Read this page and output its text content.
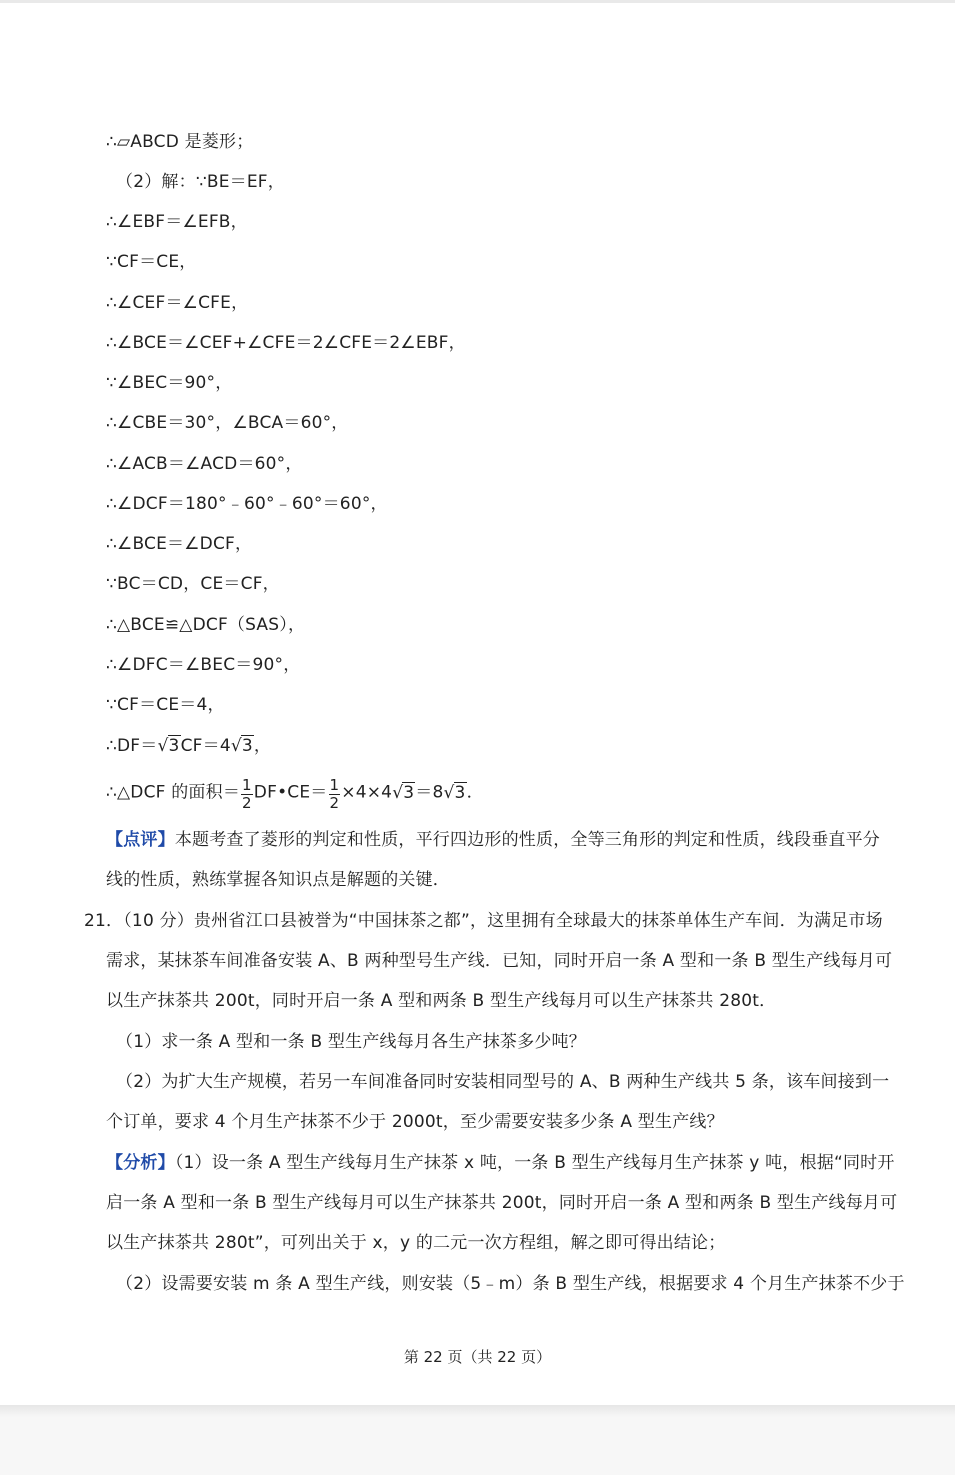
∴▱ABCD 是菱形；
（2）解：∵BE＝EF，
∴∠EBF＝∠EFB，
∵CF＝CE，
∴∠CEF＝∠CFE，
∴∠BCE＝∠CEF+∠CFE＝2∠CFE＝2∠EBF，
∵∠BEC＝90°，
∴∠CBE＝30°，∠BCA＝60°，
∴∠ACB＝∠ACD＝60°，
∴∠DCF＝180°﹣60°﹣60°＝60°，
∴∠BCE＝∠DCF，
∵BC＝CD，CE＝CF，
∴△BCE≌△DCF（SAS），
∴∠DFC＝∠BEC＝90°，
∵CF＝CE＝4，
∴DF＝√3CF＝4√3，
∴△DCF 的面积＝ $\frac{1}{2}$ DF•CE＝ $\frac{1}{2} \times 4\times 4√3=8√3$．
【点评】本题考查了菱形的判定和性质，平行四边形的性质，全等三角形的判定和性质，线段垂直平分
线的性质，熟练掌握各知识点是解题的关键．
21．（10 分）贵州省江口县被誉为“中国抹茶之都”，这里拥有全球最大的抹茶单体生产车间．为满足市场
需求，某抹茶车间准备安装 A、B 两种型号生产线．已知，同时开启一条 A 型和一条 B 型生产线每月可
以生产抹茶共 200t，同时开启一条 A 型和两条 B 型生产线每月可以生产抹茶共 280t．
（1）求一条 A 型和一条 B 型生产线每月各生产抹茶多少吨？
（2）为扩大生产规模，若另一车间准备同时安装相同型号的 A、B 两种生产线共 5 条，该车间接到一
个订单，要求 4 个月生产抹茶不少于 2000t，至少需要安装多少条 A 型生产线？
【分析】（1）设一条 A 型生产线每月生产抹茶 x 吨，一条 B 型生产线每月生产抹茶 y 吨，根据“同时开
启一条 A 型和一条 B 型生产线每月可以生产抹茶共 200t，同时开启一条 A 型和两条 B 型生产线每月可
以生产抹茶共 280t”，可列出关于 x，y 的二元一次方程组，解之即可得出结论；
（2）设需要安装 m 条 A 型生产线，则安装（5﹣m）条 B 型生产线，根据要求 4 个月生产抹茶不少于
第 22 页（共 22 页）
